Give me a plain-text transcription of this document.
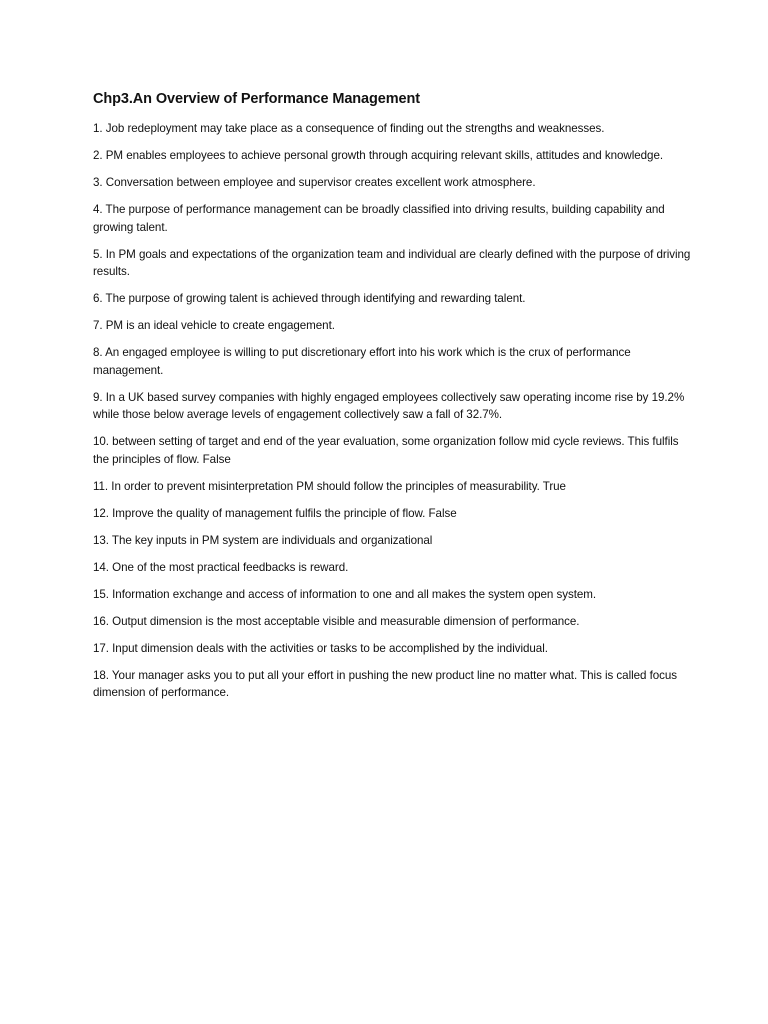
Chp3.An Overview of Performance Management

1. Job redeployment may take place as a consequence of finding out the strengths and weaknesses.

2. PM enables employees to achieve personal growth through acquiring relevant skills, attitudes and knowledge.

3. Conversation between employee and supervisor creates excellent work atmosphere.

4. The purpose of performance management can be broadly classified into driving results, building capability and growing talent.

5. In PM goals and expectations of the organization team and individual are clearly defined with the purpose of driving results.

6. The purpose of growing talent is achieved through identifying and rewarding talent.

7. PM is an ideal vehicle to create engagement.

8. An engaged employee is willing to put discretionary effort into his work which is the crux of performance management.

9. In a UK based survey companies with highly engaged employees collectively saw operating income rise by 19.2% while those below average levels of engagement collectively saw a fall of 32.7%.

10. between setting of target and end of the year evaluation, some organization follow mid cycle reviews. This fulfils the principles of flow. False

11. In order to prevent misinterpretation PM should follow the principles of measurability. True

12. Improve the quality of management fulfils the principle of flow. False

13. The key inputs in PM system are individuals and organizational

14. One of the most practical feedbacks is reward.

15. Information exchange and access of information to one and all makes the system open system.

16. Output dimension is the most acceptable visible and measurable dimension of performance.

17. Input dimension deals with the activities or tasks to be accomplished by the individual.

18. Your manager asks you to put all your effort in pushing the new product line no matter what. This is called focus dimension of performance.
